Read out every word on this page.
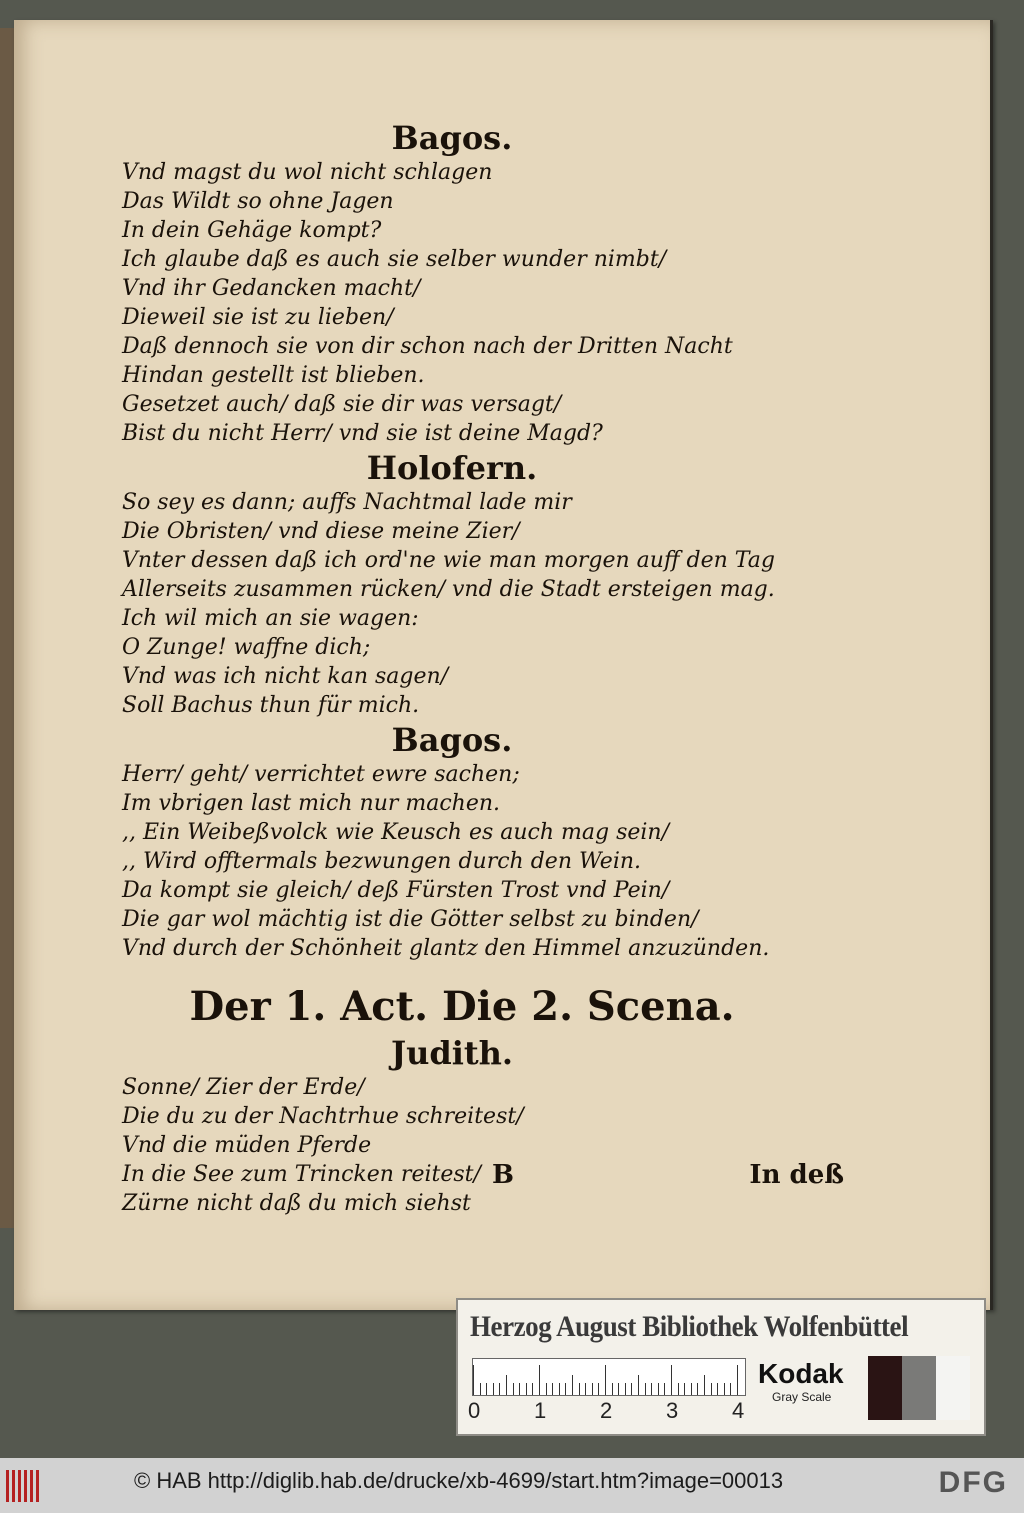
Bagos.
Vnd magst du wol nicht schlagen
Das Wildt so ohne Jagen
In dein Gehäge kompt?
Ich glaube daß es auch sie selber wunder nimbt/
Vnd ihr Gedancken macht/
Dieweil sie ist zu lieben/
Daß dennoch sie von dir schon nach der Dritten Nacht
Hindan gestellt ist blieben.
Gesetzet auch/ daß sie dir was versagt/
Bist du nicht Herr/ vnd sie ist deine Magd?
Holofern.
So sey es dann; auffs Nachtmal lade mir
Die Obristen/ vnd diese meine Zier/
Vnter dessen daß ich ord'ne wie man morgen auff den Tag
Allerseits zusammen rücken/ vnd die Stadt ersteigen mag.
Ich wil mich an sie wagen:
O Zunge! waffne dich;
Vnd was ich nicht kan sagen/
Soll Bachus thun für mich.
Bagos.
Herr/ geht/ verrichtet ewre sachen;
Im vbrigen last mich nur machen.
,, Ein Weibeßvolck wie Keusch es auch mag sein/
,, Wird offtermals bezwungen durch den Wein.
Da kompt sie gleich/ deß Fürsten Trost vnd Pein/
Die gar wol mächtig ist die Götter selbst zu binden/
Vnd durch der Schönheit glantz den Himmel anzuzünden.
Der 1. Act. Die 2. Scena.
Judith.
Sonne/ Zier der Erde/
Die du zu der Nachtrhue schreitest/
Vnd die müden Pferde
In die See zum Trincken reitest/
Zürne nicht daß du mich siehst
B	In deß
Herzog August Bibliothek Wolfenbüttel
0 1 2 3 4
Kodak
Gray Scale
© HAB http://diglib.hab.de/drucke/xb-4699/start.htm?image=00013	DFG
